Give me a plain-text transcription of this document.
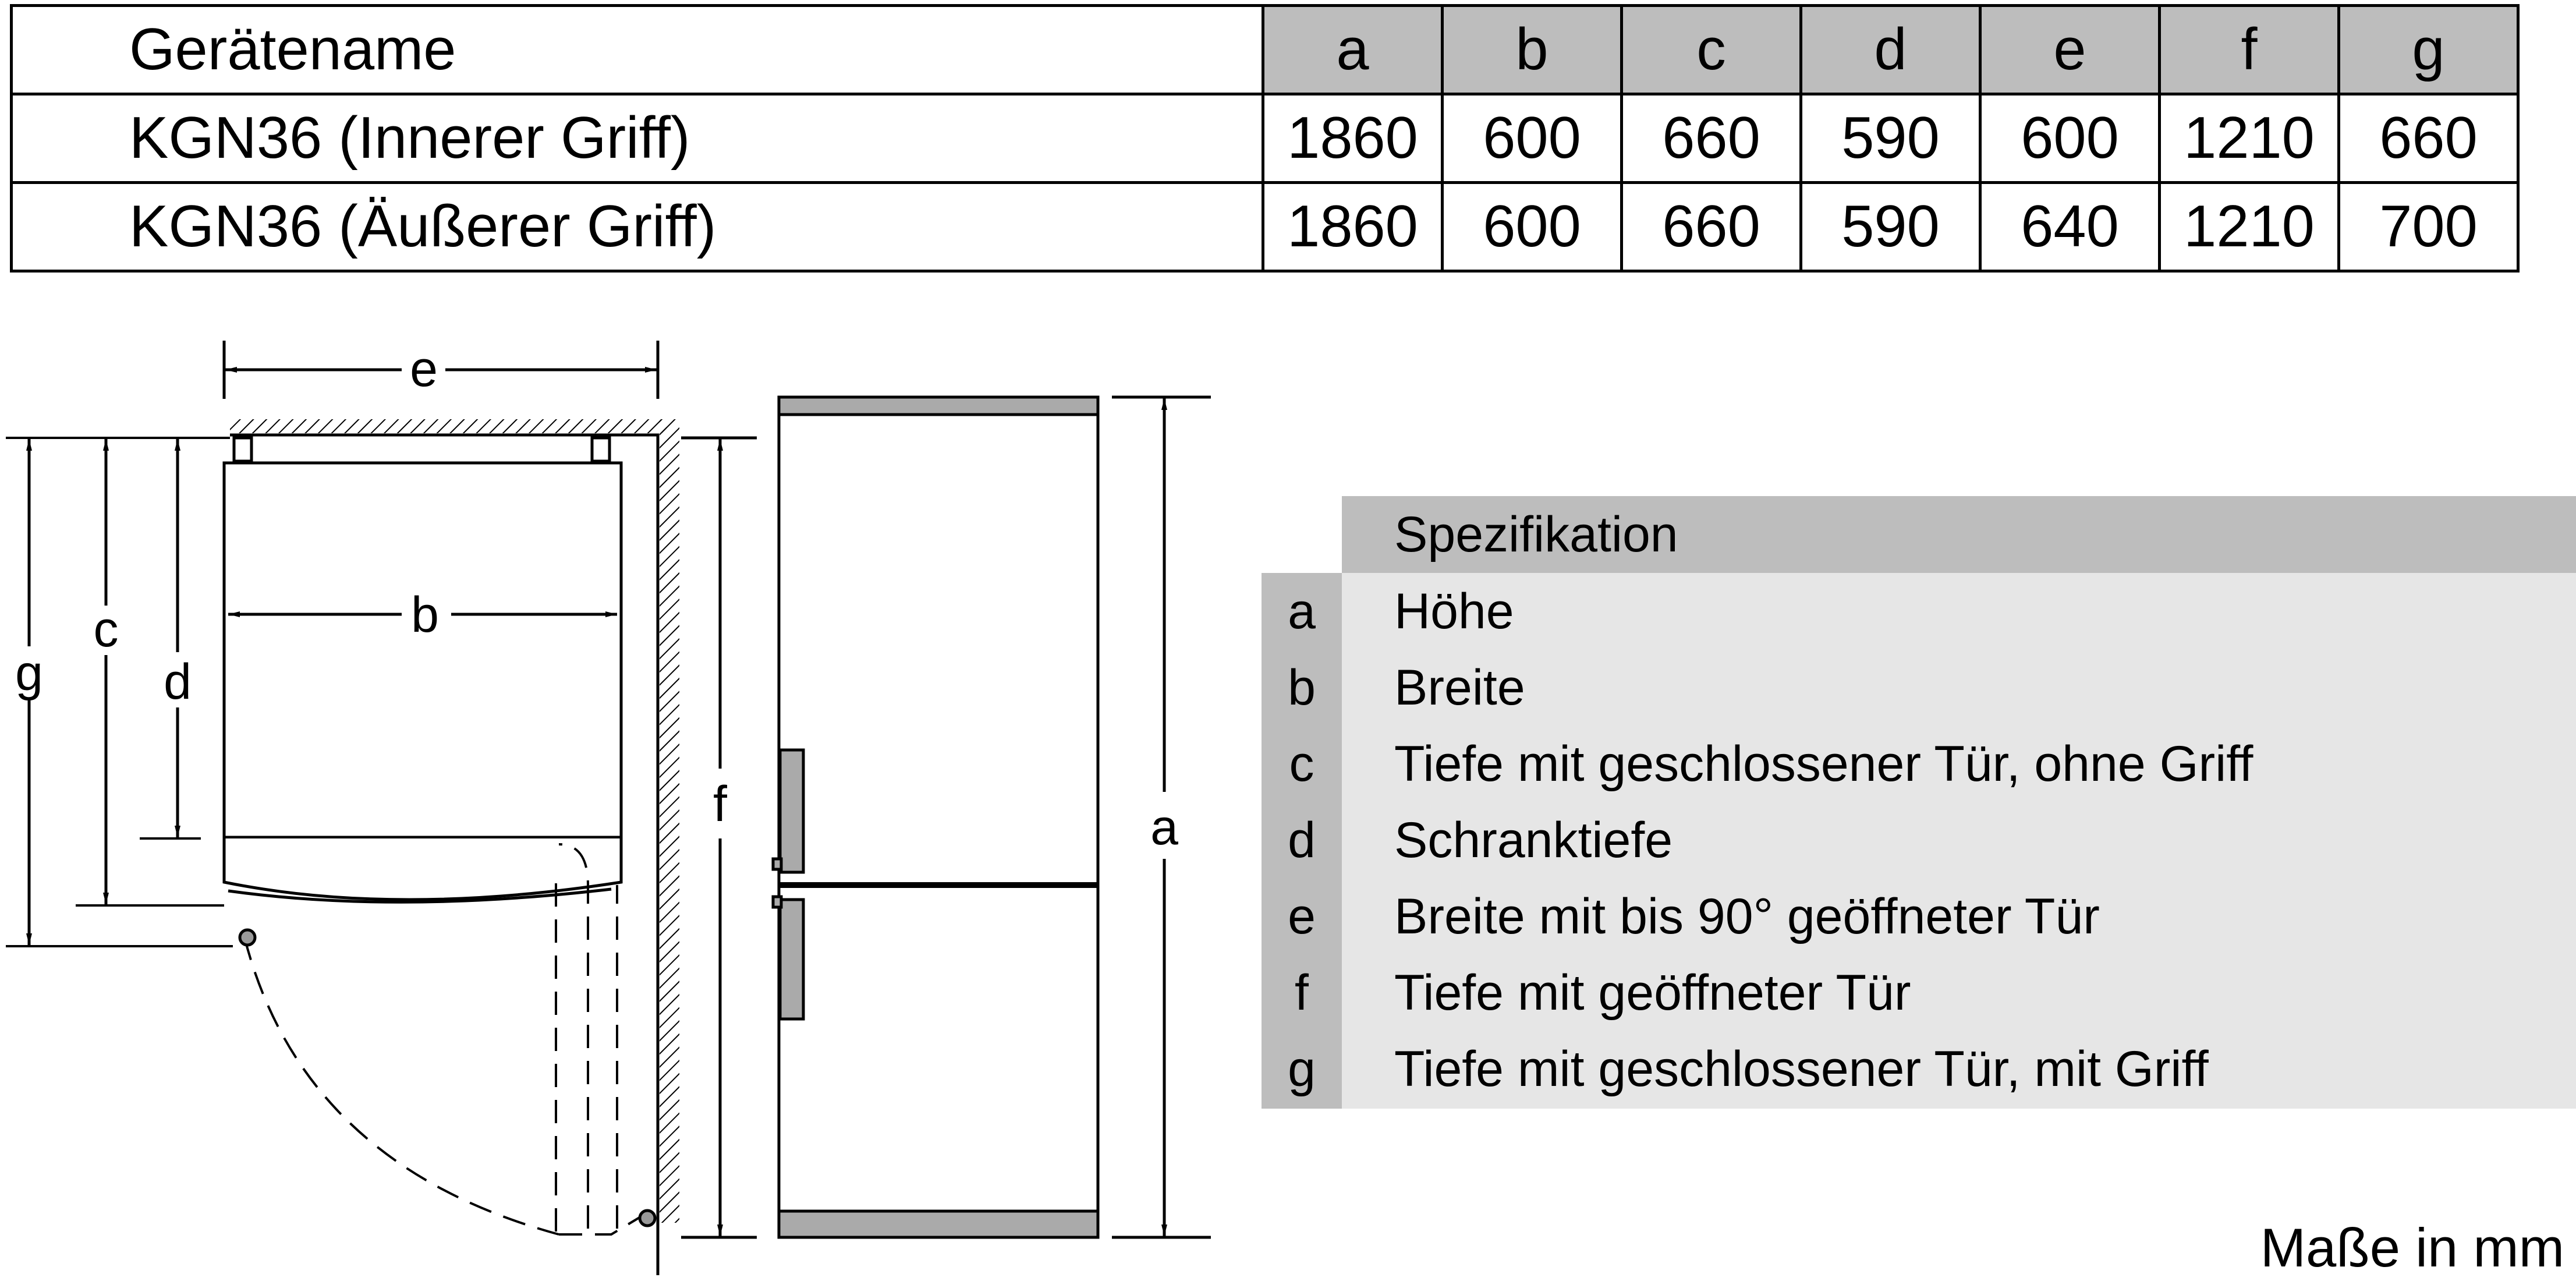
Gerätename	a	b	c	d	e	f	g
KGN36 (Innerer Griff)	1860	600	660	590	600	1210	660
KGN36 (Äußerer Griff)	1860	600	660	590	640	1210	700
e
b
g
c
d
f	a
Spezifikation
a	Höhe
b	Breite
c	Tiefe mit geschlossener Tür, ohne Griff
d	Schranktiefe
e	Breite mit bis 90° geöffneter Tür
f	Tiefe mit geöffneter Tür
g	Tiefe mit geschlossener Tür, mit Griff
Maße in mm
